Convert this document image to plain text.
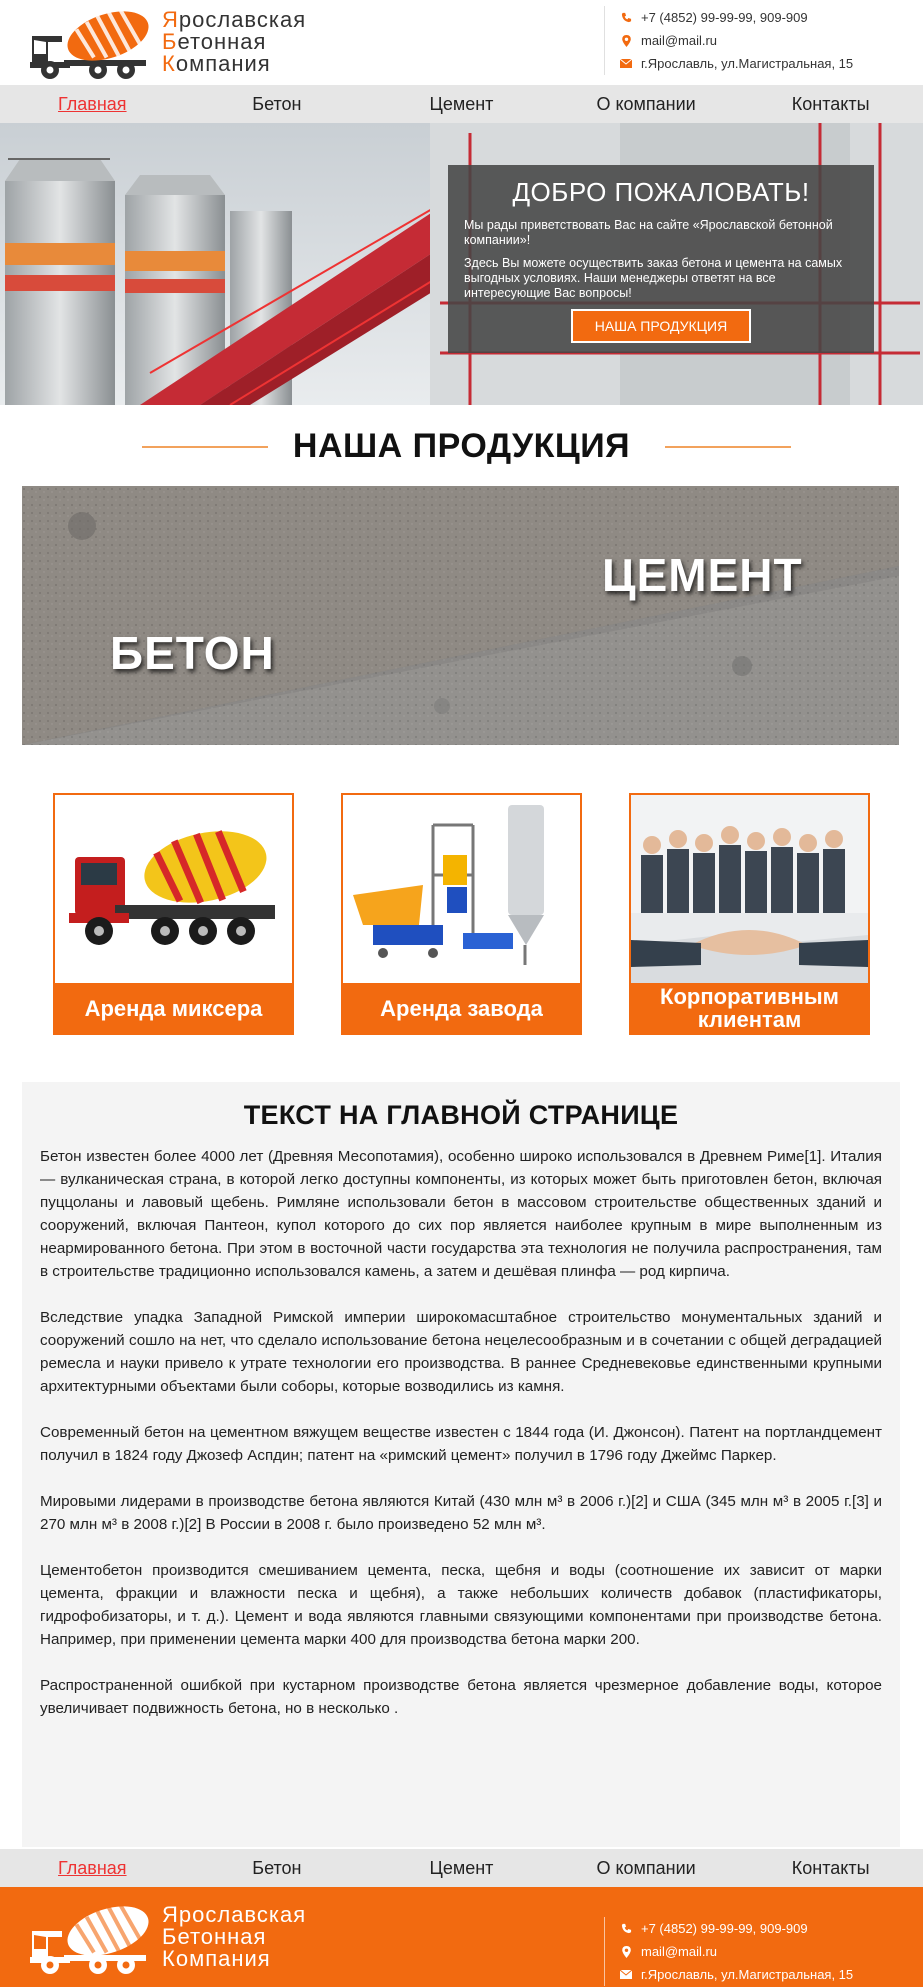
Ярославская
Бетонная
Компания
+7 (4852) 99-99-99, 909-909
mail@mail.ru
г.Ярославль, ул.Магистральная, 15
Главная	Бетон	Цемент	О компании	Контакты
ДОБРО ПОЖАЛОВАТЬ!

Мы рады приветствовать Вас на сайте «Ярославской бетонной компании»!

Здесь Вы можете осуществить заказ бетона и цемента на самых выгодных условиях. Наши менеджеры ответят на все интересующие Вас вопросы!

НАША ПРОДУКЦИЯ
НАША ПРОДУКЦИЯ
БЕТОН
ЦЕМЕНТ
Аренда миксера	Аренда завода	Корпоративным клиентам
ТЕКСТ НА ГЛАВНОЙ СТРАНИЦЕ

Бетон известен более 4000 лет (Древняя Месопотамия), особенно широко использовался в Древнем Риме[1]. Италия — вулканическая страна, в которой легко доступны компоненты, из которых может быть приготовлен бетон, включая пуццоланы и лавовый щебень. Римляне использовали бетон в массовом строительстве общественных зданий и сооружений, включая Пантеон, купол которого до сих пор является наиболее крупным в мире выполненным из неармированного бетона. При этом в восточной части государства эта технология не получила распространения, там в строительстве традиционно использовался камень, а затем и дешёвая плинфа — род кирпича.

Вследствие упадка Западной Римской империи широкомасштабное строительство монументальных зданий и сооружений сошло на нет, что сделало использование бетона нецелесообразным и в сочетании с общей деградацией ремесла и науки привело к утрате технологии его производства. В раннее Средневековье единственными крупными архитектурными объектами были соборы, которые возводились из камня.

Современный бетон на цементном вяжущем веществе известен с 1844 года (И. Джонсон). Патент на портландцемент получил в 1824 году Джозеф Аспдин; патент на «римский цемент» получил в 1796 году Джеймс Паркер.

Мировыми лидерами в производстве бетона являются Китай (430 млн м³ в 2006 г.)[2] и США (345 млн м³ в 2005 г.[3] и 270 млн м³ в 2008 г.)[2] В России в 2008 г. было произведено 52 млн м³.

Цементобетон производится смешиванием цемента, песка, щебня и воды (соотношение их зависит от марки цемента, фракции и влажности песка и щебня), а также небольших количеств добавок (пластификаторы, гидрофобизаторы, и т. д.). Цемент и вода являются главными связующими компонентами при производстве бетона. Например, при применении цемента марки 400 для производства бетона марки 200.

Распространенной ошибкой при кустарном производстве бетона является чрезмерное добавление воды, которое увеличивает подвижность бетона, но в несколько .

Главная	Бетон	Цемент	О компании	Контакты
Ярославская
Бетонная
Компания
+7 (4852) 99-99-99, 909-909
mail@mail.ru
г.Ярославль, ул.Магистральная, 15
